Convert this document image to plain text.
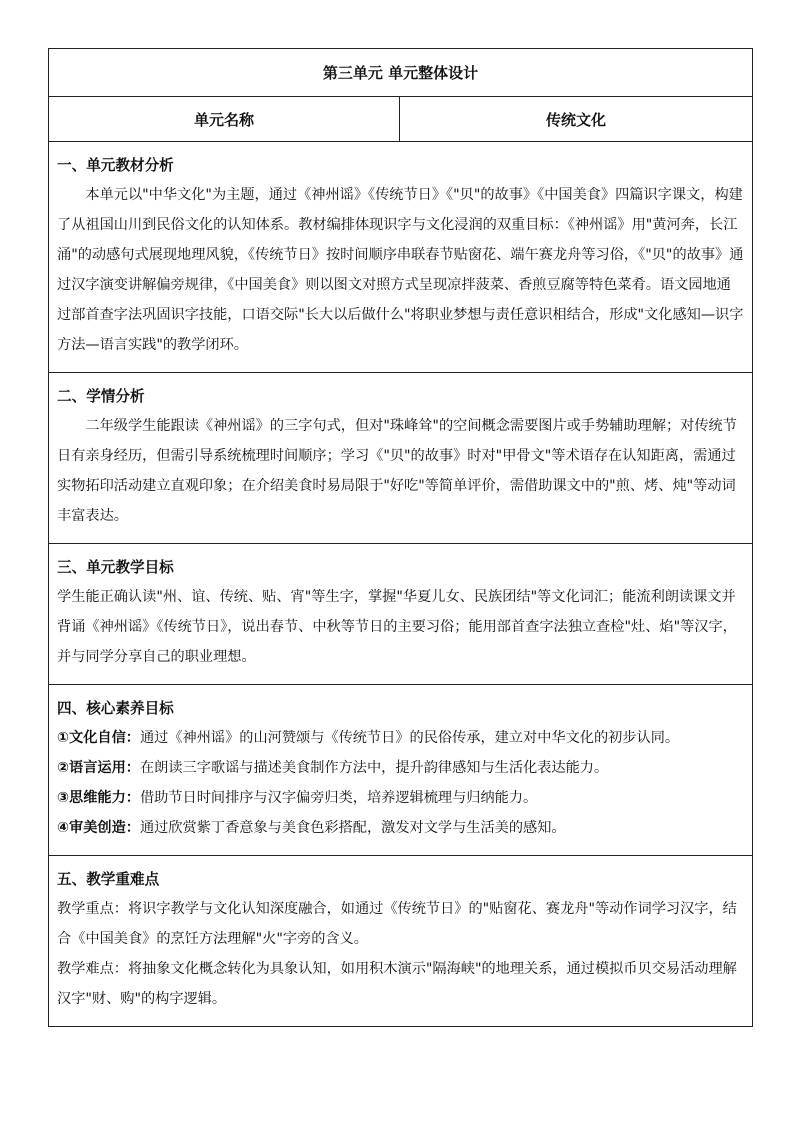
第三单元 单元整体设计
单元名称	传统文化
一、单元教材分析

本单元以"中华文化"为主题，通过《神州谣》《传统节日》《"贝"的故事》《中国美食》四篇识字课文，构建了从祖国山川到民俗文化的认知体系。教材编排体现识字与文化浸润的双重目标：《神州谣》用"黄河奔，长江涌"的动感句式展现地理风貌，《传统节日》按时间顺序串联春节贴窗花、端午赛龙舟等习俗，《"贝"的故事》通过汉字演变讲解偏旁规律，《中国美食》则以图文对照方式呈现凉拌菠菜、香煎豆腐等特色菜肴。语文园地通过部首查字法巩固识字技能，口语交际"长大以后做什么"将职业梦想与责任意识相结合，形成"文化感知—识字方法—语言实践"的教学闭环。

二、学情分析

二年级学生能跟读《神州谣》的三字句式，但对"珠峰耸"的空间概念需要图片或手势辅助理解；对传统节日有亲身经历，但需引导系统梳理时间顺序；学习《"贝"的故事》时对"甲骨文"等术语存在认知距离，需通过实物拓印活动建立直观印象；在介绍美食时易局限于"好吃"等简单评价，需借助课文中的"煎、烤、炖"等动词丰富表达。

三、单元教学目标

学生能正确认读"州、谊、传统、贴、宵"等生字，掌握"华夏儿女、民族团结"等文化词汇；能流利朗读课文并背诵《神州谣》《传统节日》，说出春节、中秋等节日的主要习俗；能用部首查字法独立查检"灶、焰"等汉字，并与同学分享自己的职业理想。

四、核心素养目标

①文化自信：通过《神州谣》的山河赞颂与《传统节日》的民俗传承，建立对中华文化的初步认同。

②语言运用：在朗读三字歌谣与描述美食制作方法中，提升韵律感知与生活化表达能力。

③思维能力：借助节日时间排序与汉字偏旁归类，培养逻辑梳理与归纳能力。

④审美创造：通过欣赏紫丁香意象与美食色彩搭配，激发对文学与生活美的感知。

五、教学重难点

教学重点：将识字教学与文化认知深度融合，如通过《传统节日》的"贴窗花、赛龙舟"等动作词学习汉字，结合《中国美食》的烹饪方法理解"火"字旁的含义。

教学难点：将抽象文化概念转化为具象认知，如用积木演示"隔海峡"的地理关系，通过模拟币贝交易活动理解汉字"财、购"的构字逻辑。
